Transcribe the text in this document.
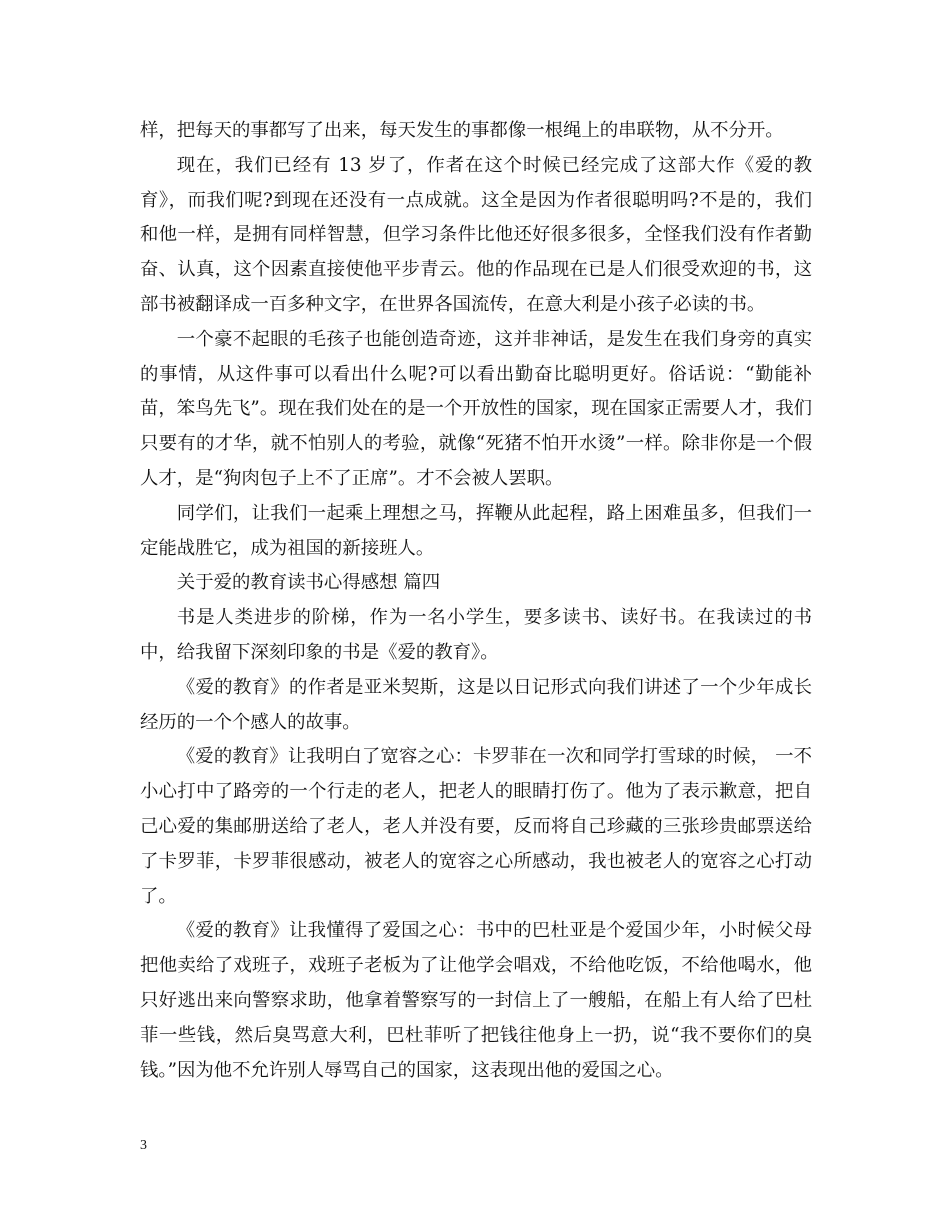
样，把每天的事都写了出来，每天发生的事都像一根绳上的串联物，从不分开。

现在，我们已经有 13 岁了，作者在这个时候已经完成了这部大作《爱的教育》，而我们呢?到现在还没有一点成就。这全是因为作者很聪明吗?不是的，我们和他一样，是拥有同样智慧，但学习条件比他还好很多很多，全怪我们没有作者勤奋、认真，这个因素直接使他平步青云。他的作品现在已是人们很受欢迎的书，这部书被翻译成一百多种文字，在世界各国流传，在意大利是小孩子必读的书。

一个豪不起眼的毛孩子也能创造奇迹，这并非神话，是发生在我们身旁的真实的事情，从这件事可以看出什么呢?可以看出勤奋比聪明更好。俗话说：“勤能补苗，笨鸟先飞”。现在我们处在的是一个开放性的国家，现在国家正需要人才，我们只要有的才华，就不怕别人的考验，就像“死猪不怕开水烫”一样。除非你是一个假人才，是“狗肉包子上不了正席”。才不会被人罢职。

同学们，让我们一起乘上理想之马，挥鞭从此起程，路上困难虽多，但我们一定能战胜它，成为祖国的新接班人。

关于爱的教育读书心得感想 篇四

书是人类进步的阶梯，作为一名小学生，要多读书、读好书。在我读过的书中，给我留下深刻印象的书是《爱的教育》。

《爱的教育》的作者是亚米契斯，这是以日记形式向我们讲述了一个少年成长经历的一个个感人的故事。

《爱的教育》让我明白了宽容之心：卡罗菲在一次和同学打雪球的时候， 一不小心打中了路旁的一个行走的老人，把老人的眼睛打伤了。他为了表示歉意，把自己心爱的集邮册送给了老人，老人并没有要，反而将自己珍藏的三张珍贵邮票送给了卡罗菲，卡罗菲很感动，被老人的宽容之心所感动，我也被老人的宽容之心打动了。

《爱的教育》让我懂得了爱国之心：书中的巴杜亚是个爱国少年，小时候父母把他卖给了戏班子，戏班子老板为了让他学会唱戏，不给他吃饭，不给他喝水，他只好逃出来向警察求助，他拿着警察写的一封信上了一艘船，在船上有人给了巴杜菲一些钱，然后臭骂意大利，巴杜菲听了把钱往他身上一扔，说“我不要你们的臭钱。”因为他不允许别人辱骂自己的国家，这表现出他的爱国之心。

3
